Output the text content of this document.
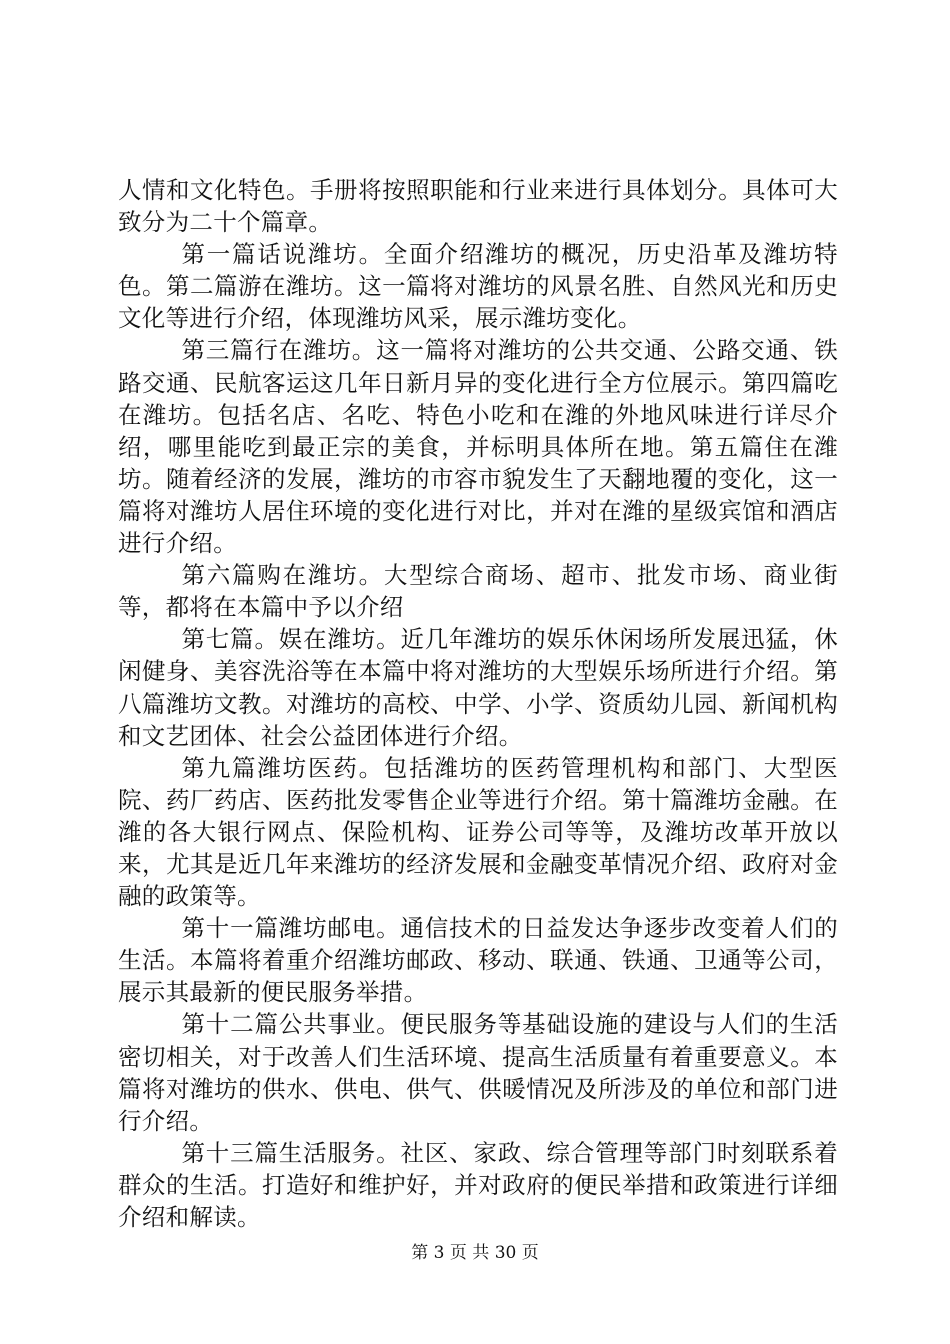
人情和文化特色。手册将按照职能和行业来进行具体划分。具体可大致分为二十个篇章。

第一篇话说潍坊。全面介绍潍坊的概况，历史沿革及潍坊特色。第二篇游在潍坊。这一篇将对潍坊的风景名胜、自然风光和历史文化等进行介绍，体现潍坊风采，展示潍坊变化。

第三篇行在潍坊。这一篇将对潍坊的公共交通、公路交通、铁路交通、民航客运这几年日新月异的变化进行全方位展示。第四篇吃在潍坊。包括名店、名吃、特色小吃和在潍的外地风味进行详尽介绍，哪里能吃到最正宗的美食，并标明具体所在地。第五篇住在潍坊。随着经济的发展，潍坊的市容市貌发生了天翻地覆的变化，这一篇将对潍坊人居住环境的变化进行对比，并对在潍的星级宾馆和酒店进行介绍。

第六篇购在潍坊。大型综合商场、超市、批发市场、商业街等，都将在本篇中予以介绍

第七篇。娱在潍坊。近几年潍坊的娱乐休闲场所发展迅猛，休闲健身、美容洗浴等在本篇中将对潍坊的大型娱乐场所进行介绍。第八篇潍坊文教。对潍坊的高校、中学、小学、资质幼儿园、新闻机构和文艺团体、社会公益团体进行介绍。

第九篇潍坊医药。包括潍坊的医药管理机构和部门、大型医院、药厂药店、医药批发零售企业等进行介绍。第十篇潍坊金融。在潍的各大银行网点、保险机构、证券公司等等，及潍坊改革开放以来，尤其是近几年来潍坊的经济发展和金融变革情况介绍、政府对金融的政策等。

第十一篇潍坊邮电。通信技术的日益发达争逐步改变着人们的生活。本篇将着重介绍潍坊邮政、移动、联通、铁通、卫通等公司，展示其最新的便民服务举措。

第十二篇公共事业。便民服务等基础设施的建设与人们的生活密切相关，对于改善人们生活环境、提高生活质量有着重要意义。本篇将对潍坊的供水、供电、供气、供暖情况及所涉及的单位和部门进行介绍。

第十三篇生活服务。社区、家政、综合管理等部门时刻联系着群众的生活。打造好和维护好，并对政府的便民举措和政策进行详细介绍和解读。

第 3 页 共 30 页
